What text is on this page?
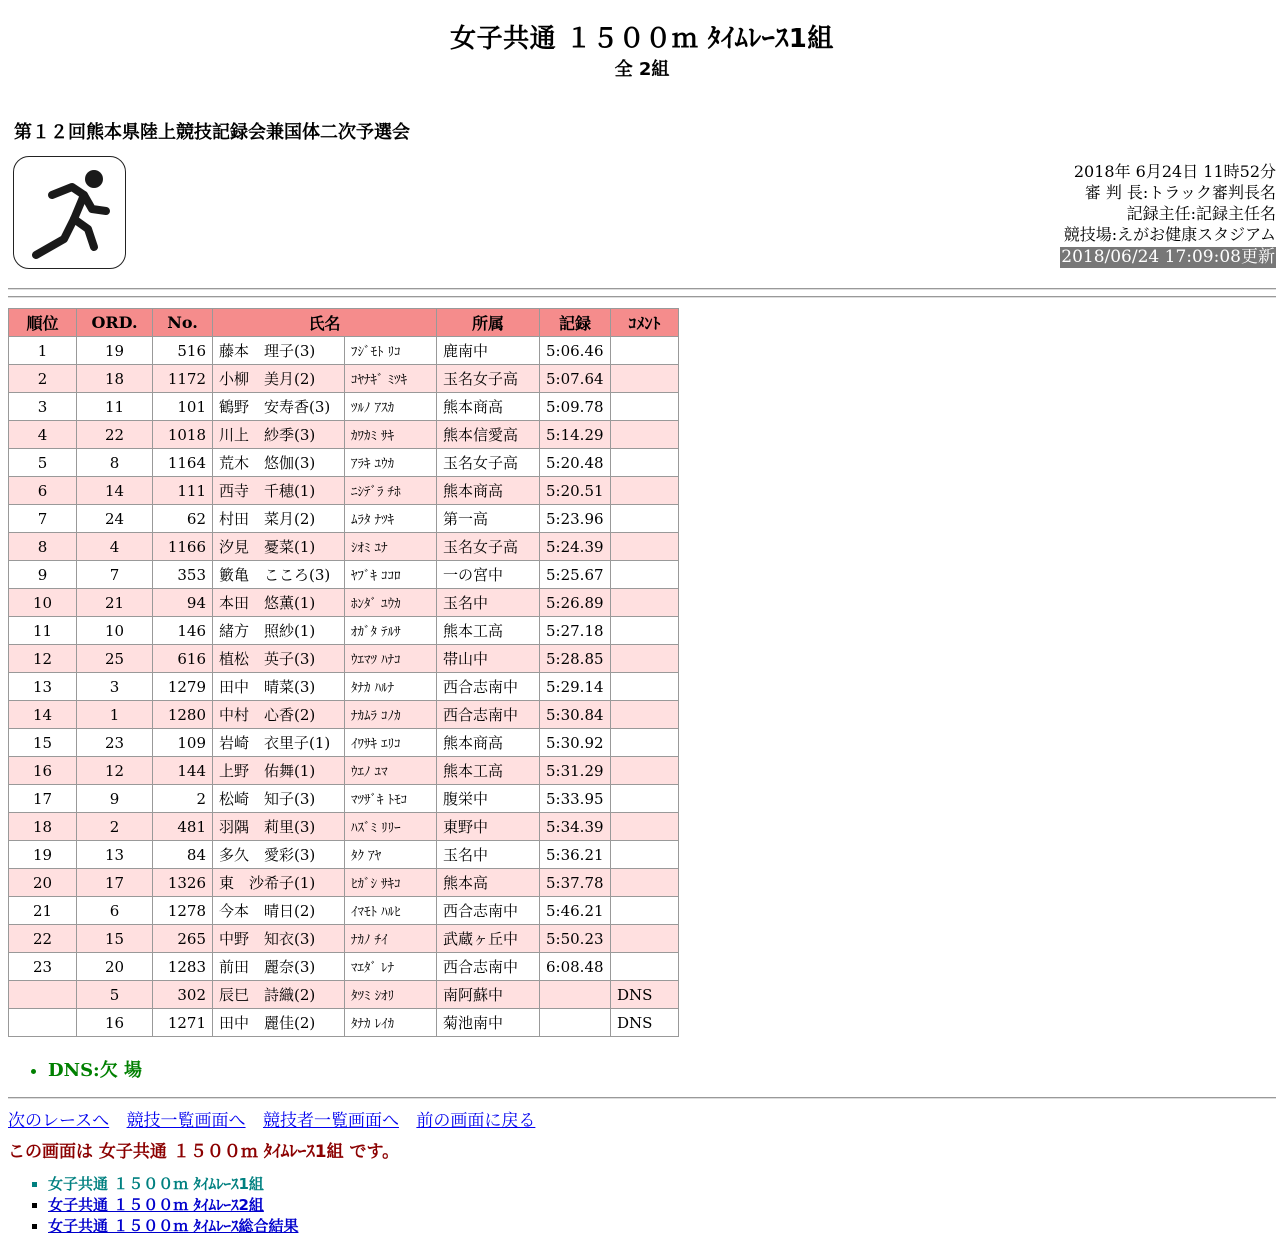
女子共通 １５００ｍ ﾀｲﾑﾚｰｽ1組
全 2組
第１２回熊本県陸上競技記録会兼国体二次予選会
2018年 6月24日 11時52分
審 判 長:トラック審判長名
記録主任:記録主任名
競技場:えがお健康スタジアム
2018/06/24 17:09:08更新
順位	ORD.	No.	氏名		所属	記録	ｺﾒﾝﾄ
1	19	516	藤本　理子(3)	ﾌｼﾞﾓﾄ ﾘｺ	鹿南中	5:06.46	
2	18	1172	小柳　美月(2)	ｺﾔﾅｷﾞ ﾐﾂｷ	玉名女子高	5:07.64	
3	11	101	鶴野　安寿香(3)	ﾂﾙﾉ ｱｽｶ	熊本商高	5:09.78	
4	22	1018	川上　紗季(3)	ｶﾜｶﾐ ｻｷ	熊本信愛高	5:14.29	
5	8	1164	荒木　悠伽(3)	ｱﾗｷ ﾕｳｶ	玉名女子高	5:20.48	
6	14	111	西寺　千穂(1)	ﾆｼﾃﾞﾗ ﾁﾎ	熊本商高	5:20.51	
7	24	62	村田　菜月(2)	ﾑﾗﾀ ﾅﾂｷ	第一高	5:23.96	
8	4	1166	汐見　憂菜(1)	ｼｵﾐ ﾕﾅ	玉名女子高	5:24.39	
9	7	353	籔亀　こころ(3)	ﾔﾌﾞｷ ｺｺﾛ	一の宮中	5:25.67	
10	21	94	本田　悠薫(1)	ﾎﾝﾀﾞ ﾕｳｶ	玉名中	5:26.89	
11	10	146	緒方　照紗(1)	ｵｶﾞﾀ ﾃﾙｻ	熊本工高	5:27.18	
12	25	616	植松　英子(3)	ｳｴﾏﾂ ﾊﾅｺ	帯山中	5:28.85	
13	3	1279	田中　晴菜(3)	ﾀﾅｶ ﾊﾙﾅ	西合志南中	5:29.14	
14	1	1280	中村　心香(2)	ﾅｶﾑﾗ ｺﾉｶ	西合志南中	5:30.84	
15	23	109	岩崎　衣里子(1)	ｲﾜｻｷ ｴﾘｺ	熊本商高	5:30.92	
16	12	144	上野　佑舞(1)	ｳｴﾉ ﾕﾏ	熊本工高	5:31.29	
17	9	2	松崎　知子(3)	ﾏﾂｻﾞｷ ﾄﾓｺ	腹栄中	5:33.95	
18	2	481	羽隅　莉里(3)	ﾊｽﾞﾐ ﾘﾘｰ	東野中	5:34.39	
19	13	84	多久　愛彩(3)	ﾀｸ ｱﾔ	玉名中	5:36.21	
20	17	1326	東　沙希子(1)	ﾋｶﾞｼ ｻｷｺ	熊本高	5:37.78	
21	6	1278	今本　晴日(2)	ｲﾏﾓﾄ ﾊﾙﾋ	西合志南中	5:46.21	
22	15	265	中野　知衣(3)	ﾅｶﾉ ﾁｲ	武蔵ヶ丘中	5:50.23	
23	20	1283	前田　麗奈(3)	ﾏｴﾀﾞ ﾚﾅ	西合志南中	6:08.48	
	5	302	辰巳　詩織(2)	ﾀﾂﾐ ｼｵﾘ	南阿蘇中		DNS
	16	1271	田中　麗佳(2)	ﾀﾅｶ ﾚｲｶ	菊池南中		DNS
• DNS:欠 場
次のレースへ 競技一覧画面へ 競技者一覧画面へ 前の画面に戻る
この画面は 女子共通 １５００ｍ ﾀｲﾑﾚｰｽ1組 です。
▪ 女子共通 １５００ｍ ﾀｲﾑﾚｰｽ1組
▪ 女子共通 １５００ｍ ﾀｲﾑﾚｰｽ2組
▪ 女子共通 １５００ｍ ﾀｲﾑﾚｰｽ総合結果
